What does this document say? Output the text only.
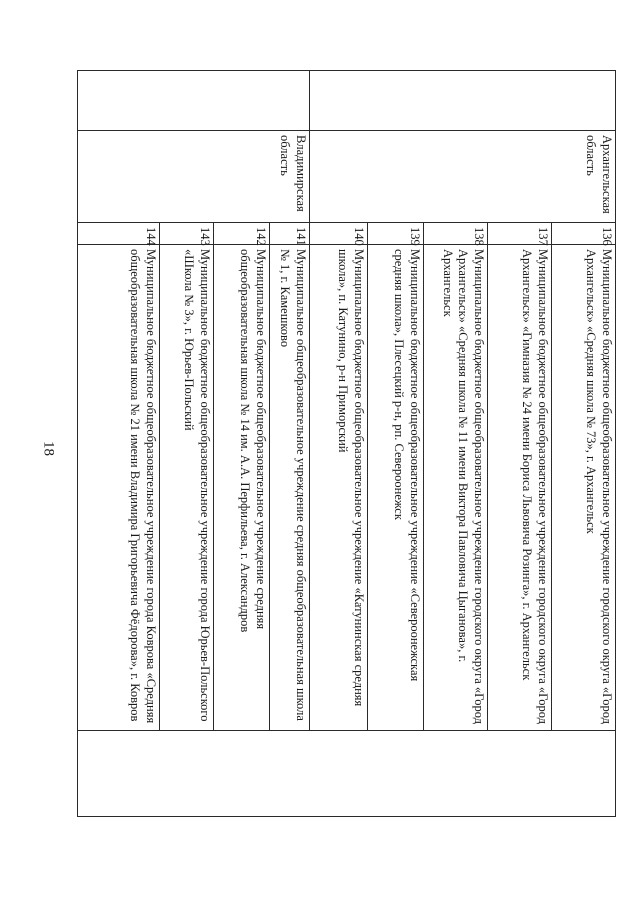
18
	Архангельская область	136	Муниципальное бюджетное общеобразовательное учреждение городского округа «Город Архангельск» «Средняя школа № 73», г. Архангельск	
		137	Муниципальное бюджетное общеобразовательное учреждение городского округа «Город Архангельск» «Гимназия № 24 имени Бориса Львовича Розинга», г. Архангельск	
		138	Муниципальное бюджетное общеобразовательное учреждение городского округа «Город Архангельск» «Средняя школа № 11 имени Виктора Павловича Цыганова», г. Архангельск	
		139	Муниципальное бюджетное общеобразовательное учреждение «Североонежская средняя школа», Плесецкий р-н, рп. Североонежск	
		140	Муниципальное бюджетное общеобразовательное учреждение «Катунинская средняя школа», п. Катунино, р-н Приморский	
	Владимирская область	141	Муниципальное общеобразовательное учреждение средняя общеобразовательная школа № 1, г. Камешково	
		142	Муниципальное бюджетное общеобразовательное учреждение средняя общеобразовательная школа № 14 им. А.А. Перфильева, г. Александров	
		143	Муниципальное бюджетное общеобразовательное учреждение города Юрьев-Польского «Школа № 3», г. Юрьев-Польский	
		144	Муниципальное бюджетное общеобразовательное учреждение города Коврова «Средняя общеобразовательная школа № 21 имени Владимира Григорьевича Фёдорова», г. Ковров	
